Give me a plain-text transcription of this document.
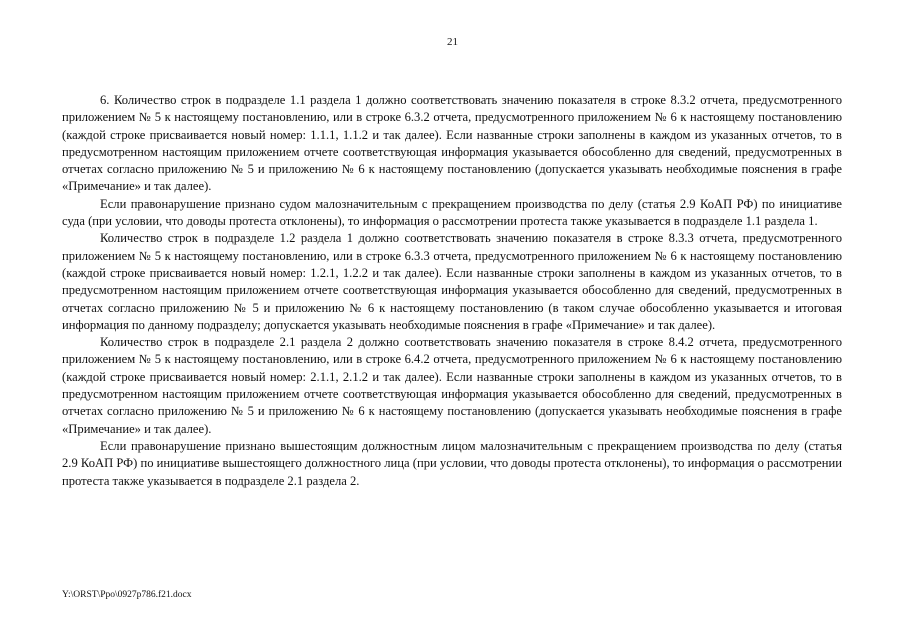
21

6. Количество строк в подразделе 1.1 раздела 1 должно соответствовать значению показателя в строке 8.3.2 отчета, предусмотренного приложением № 5 к настоящему постановлению, или в строке 6.3.2 отчета, предусмотренного приложением № 6 к настоящему постановлению (каждой строке присваивается новый номер: 1.1.1, 1.1.2 и так далее). Если названные строки заполнены в каждом из указанных отчетов, то в предусмотренном настоящим приложением отчете соответствующая информация указывается обособленно для сведений, предусмотренных в отчетах согласно приложению № 5 и приложению № 6 к настоящему постановлению (допускается указывать необходимые пояснения в графе «Примечание» и так далее).

Если правонарушение признано судом малозначительным с прекращением производства по делу (статья 2.9 КоАП РФ) по инициативе суда (при условии, что доводы протеста отклонены), то информация о рассмотрении протеста также указывается в подразделе 1.1 раздела 1.

Количество строк в подразделе 1.2 раздела 1 должно соответствовать значению показателя в строке 8.3.3 отчета, предусмотренного приложением № 5 к настоящему постановлению, или в строке 6.3.3 отчета, предусмотренного приложением № 6 к настоящему постановлению (каждой строке присваивается новый номер: 1.2.1, 1.2.2 и так далее). Если названные строки заполнены в каждом из указанных отчетов, то в предусмотренном настоящим приложением отчете соответствующая информация указывается обособленно для сведений, предусмотренных в отчетах согласно приложению № 5 и приложению № 6 к настоящему постановлению (в таком случае обособленно указывается и итоговая информация по данному подразделу; допускается указывать необходимые пояснения в графе «Примечание» и так далее).

Количество строк в подразделе 2.1 раздела 2 должно соответствовать значению показателя в строке 8.4.2 отчета, предусмотренного приложением № 5 к настоящему постановлению, или в строке 6.4.2 отчета, предусмотренного приложением № 6 к настоящему постановлению (каждой строке присваивается новый номер: 2.1.1, 2.1.2 и так далее). Если названные строки заполнены в каждом из указанных отчетов, то в предусмотренном настоящим приложением отчете соответствующая информация указывается обособленно для сведений, предусмотренных в отчетах согласно приложению № 5 и приложению № 6 к настоящему постановлению (допускается указывать необходимые пояснения в графе «Примечание» и так далее).

Если правонарушение признано вышестоящим должностным лицом малозначительным с прекращением производства по делу (статья 2.9 КоАП РФ) по инициативе вышестоящего должностного лица (при условии, что доводы протеста отклонены), то информация о рассмотрении протеста также указывается в подразделе 2.1 раздела 2.

Y:\ORST\Ppo\0927p786.f21.docx
